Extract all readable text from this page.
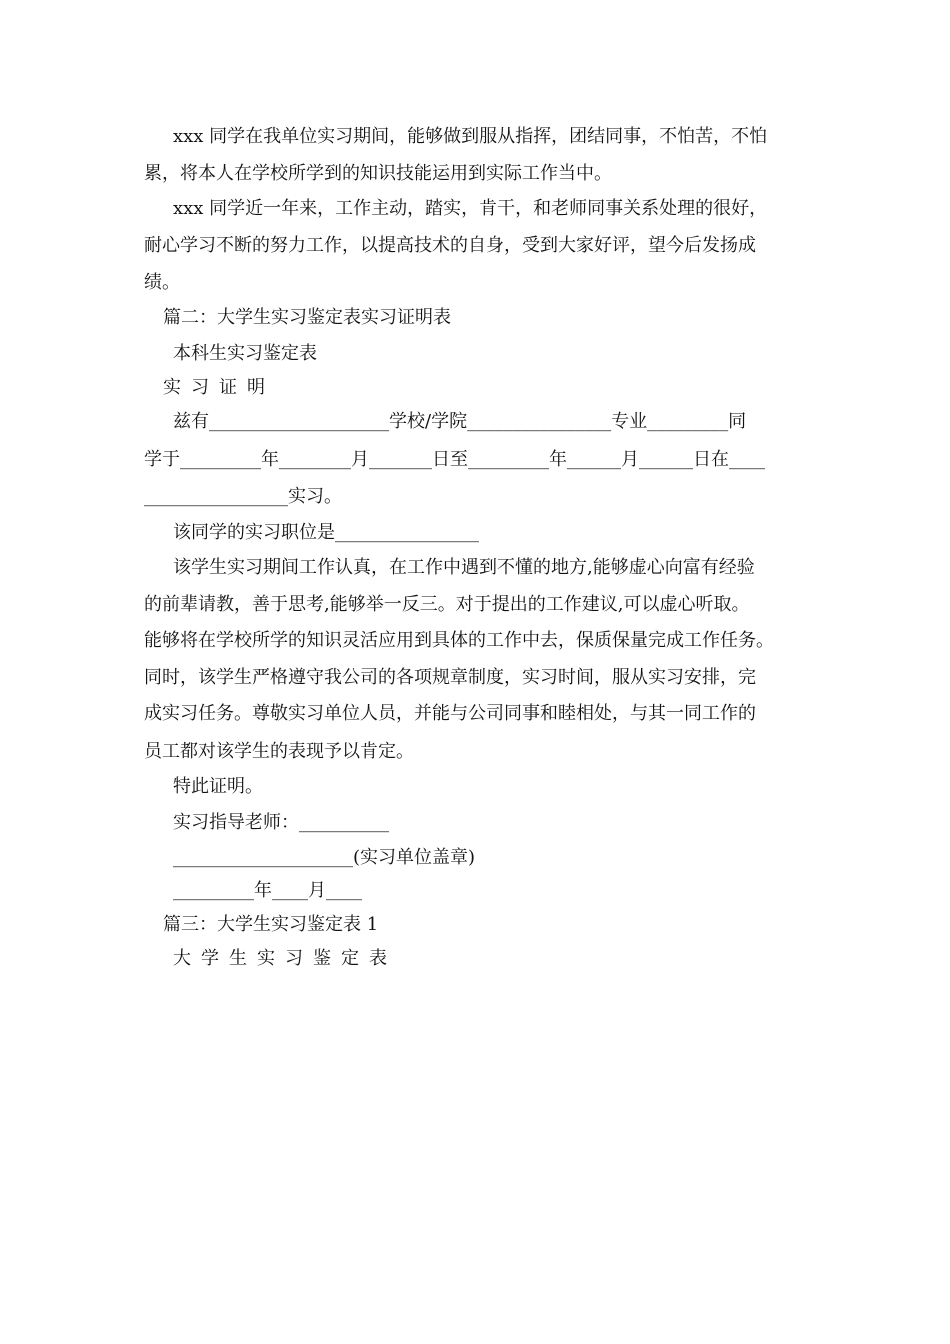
xxx 同学在我单位实习期间，能够做到服从指挥，团结同事，不怕苦，不怕
累，将本人在学校所学到的知识技能运用到实际工作当中。
xxx 同学近一年来，工作主动，踏实，肯干，和老师同事关系处理的很好，
耐心学习不断的努力工作，以提高技术的自身，受到大家好评，望今后发扬成
绩。
篇二：大学生实习鉴定表实习证明表
本科生实习鉴定表
实习证明
兹有____________________学校/学院________________专业_________同
学于_________年________月_______日至_________年______月______日在____
________________实习。
该同学的实习职位是________________
该学生实习期间工作认真，在工作中遇到不懂的地方,能够虚心向富有经验
的前辈请教，善于思考,能够举一反三。对于提出的工作建议,可以虚心听取。
能够将在学校所学的知识灵活应用到具体的工作中去，保质保量完成工作任务。
同时，该学生严格遵守我公司的各项规章制度，实习时间，服从实习安排，完
成实习任务。尊敬实习单位人员，并能与公司同事和睦相处，与其一同工作的
员工都对该学生的表现予以肯定。
特此证明。
实习指导老师：__________
____________________(实习单位盖章)
_________年____月____
篇三：大学生实习鉴定表 1
大学生实习鉴定表
